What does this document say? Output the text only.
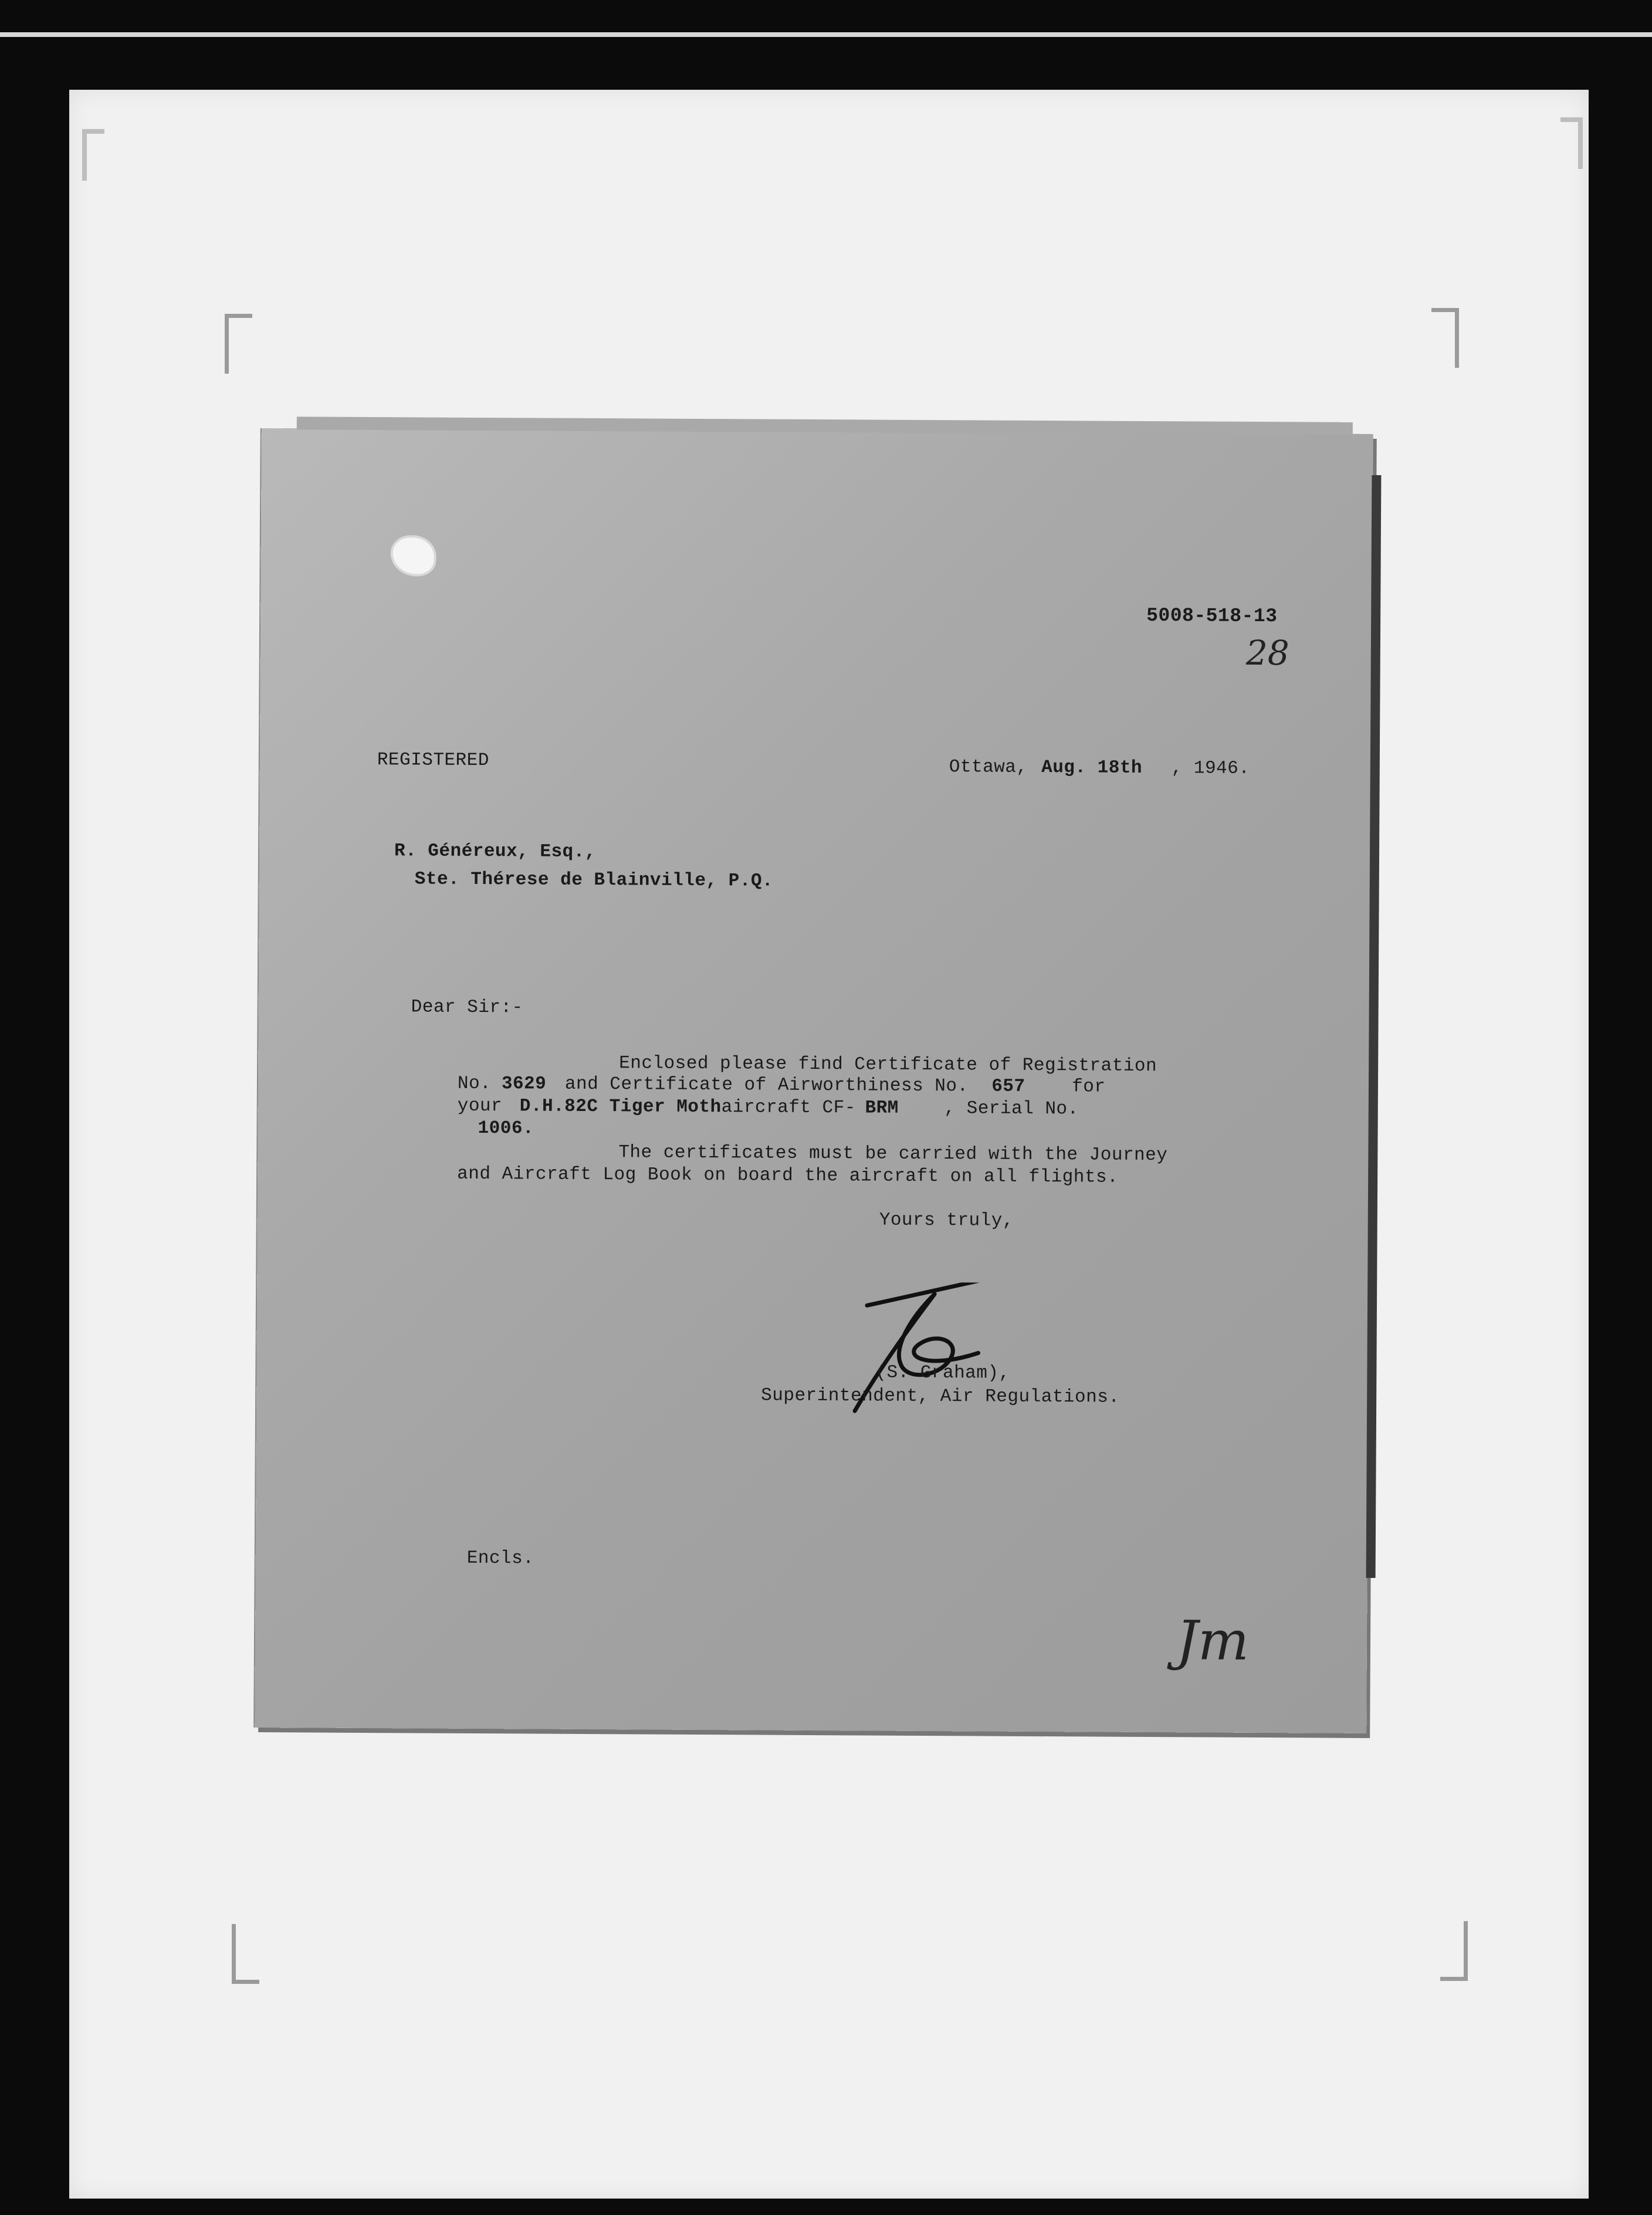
5008-518-13
28
REGISTERED	Ottawa, Aug. 18th , 1946.
R. Généreux, Esq.,
Ste. Thérese de Blainville, P.Q.
Dear Sir:-
Enclosed please find Certificate of Registration
No. 3629 and Certificate of Airworthiness No. 657	for
your D.H.82C Tiger Mothaircraft CF- BRM , Serial No.
1006.
The certificates must be carried with the Journey
and Aircraft Log Book on board the aircraft on all flights.
Yours truly,
(S. Graham),
Superintendent, Air Regulations.
Encls.
Jm
